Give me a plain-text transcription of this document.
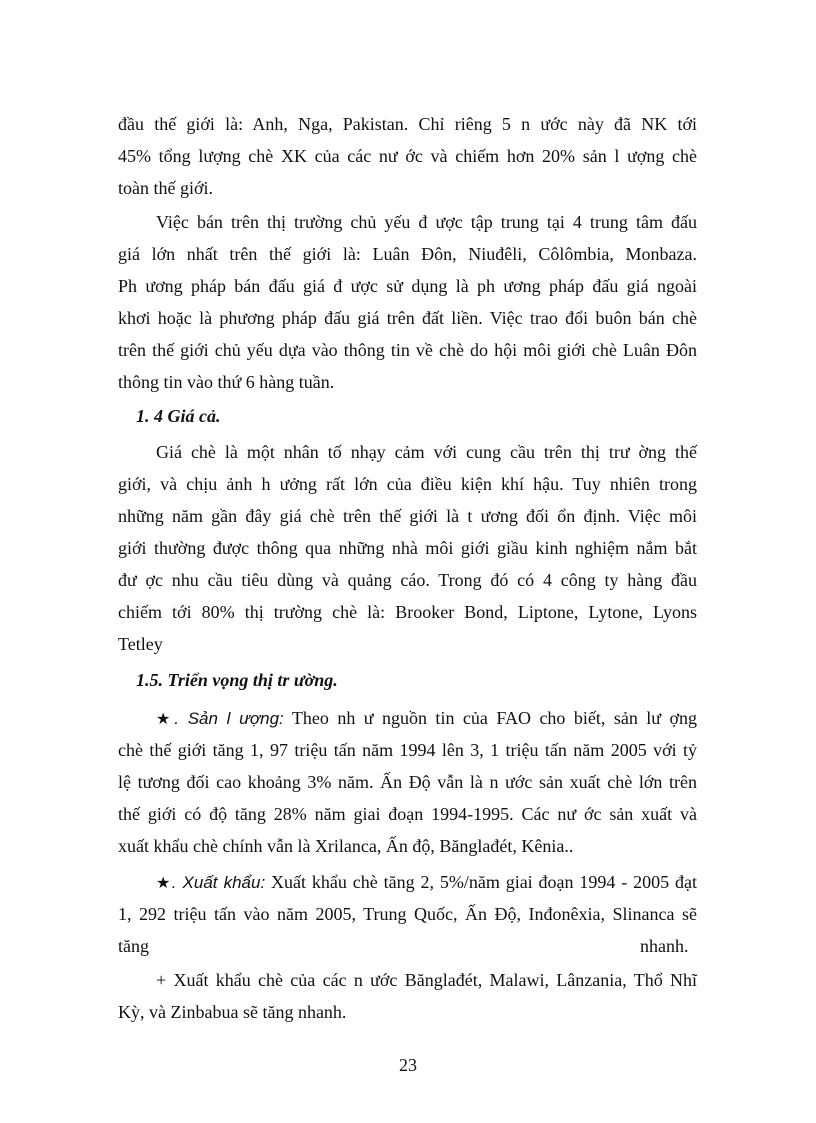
đầu thế giới là: Anh, Nga, Pakistan. Chỉ riêng 5 n ước này đã NK tới
45% tổng lượng chè XK của các nư ớc và chiếm hơn 20% sản l ượng chè
toàn thế giới.
Việc bán trên thị trường chủ yếu đ ược tập trung tại 4 trung tâm đấu
giá lớn nhất trên thế giới là: Luân Đôn, Niuđêli, Côlômbia, Monbaza.
Ph ương pháp bán đấu giá đ ược sử dụng là ph ương pháp đấu giá ngoài
khơi hoặc là phương pháp đấu giá trên đất liền. Việc trao đổi buôn bán chè
trên thế giới chủ yếu dựa vào thông tin về chè do hội môi giới chè Luân Đôn
thông tin vào thứ 6 hàng tuần.
1. 4 Giá cả.
Giá chè là một nhân tố nhạy cảm với cung cầu trên thị trư ờng thế
giới, và chịu ảnh h ưởng rất lớn của điều kiện khí hậu. Tuy nhiên trong
những năm gần đây giá chè trên thế giới là t ương đối ổn định. Việc môi
giới thường được thông qua những nhà môi giới giầu kinh nghiệm nắm bắt
đư ợc nhu cầu tiêu dùng và quảng cáo. Trong đó có 4 công ty hàng đầu
chiếm tới 80% thị trường chè là: Brooker Bond, Liptone, Lytone, Lyons
Tetley
1.5. Triển vọng thị tr ường.
★. Sản l ượng: Theo nh ư nguồn tin của FAO cho biết, sản lư ợng
chè thế giới tăng 1, 97 triệu tấn năm 1994 lên 3, 1 triệu tấn năm 2005 với tỷ
lệ tương đối cao khoảng 3% năm. Ấn Độ vẫn là n ước sản xuất chè lớn trên
thế giới có độ tăng 28% năm giai đoạn 1994-1995. Các nư ớc sản xuất và
xuất khẩu chè chính vẫn là Xrilanca, Ấn độ, Bănglađét, Kênia..
★. Xuất khẩu: Xuất khẩu chè tăng 2, 5%/năm giai đoạn 1994 - 2005 đạt
1, 292 triệu tấn vào năm 2005, Trung Quốc, Ấn Độ, Inđonêxia, Slinanca sẽ
tăng	nhanh.
+ Xuất khẩu chè của các n ước Bănglađét, Malawi, Lânzania, Thổ Nhĩ
Kỳ, và Zinbabua sẽ tăng nhanh.
23
